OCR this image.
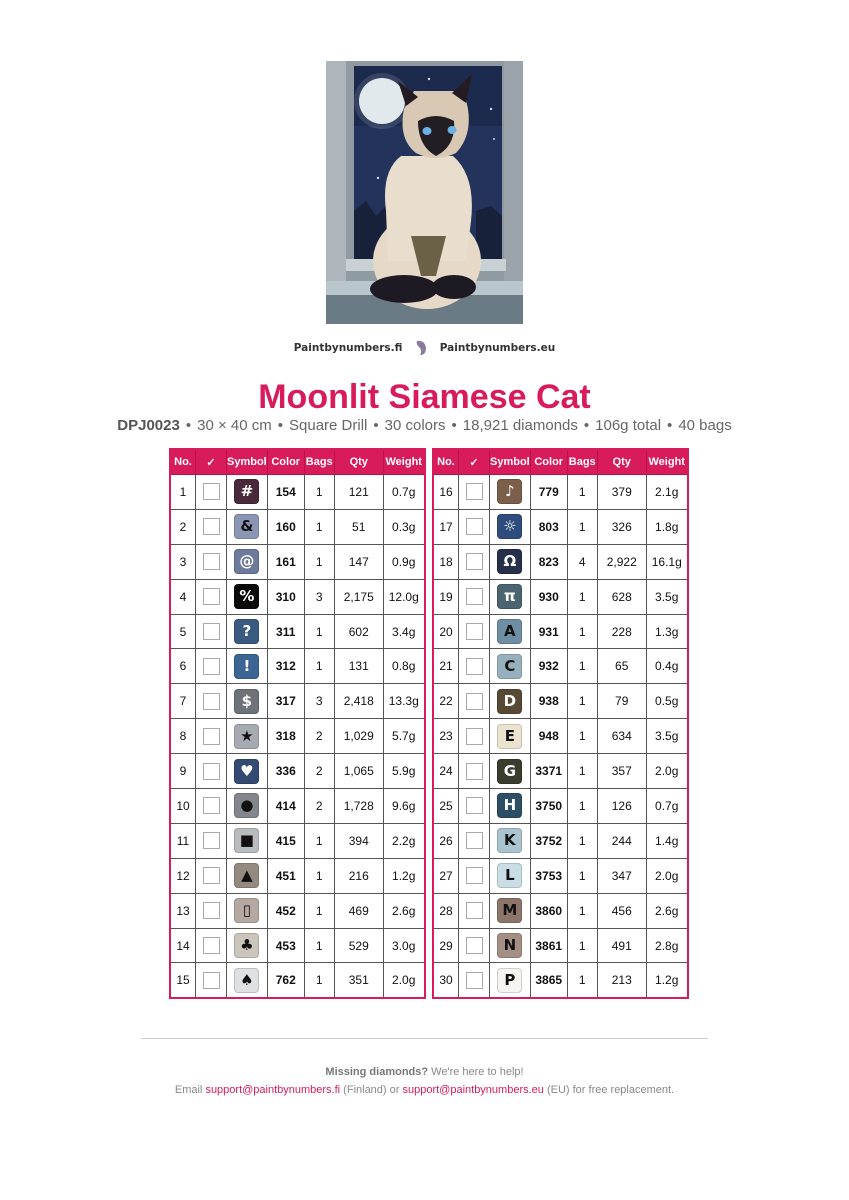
Paintbynumbers.fi	Paintbynumbers.eu
Moonlit Siamese Cat
DPJ0023 • 30 × 40 cm • Square Drill • 30 colors • 18,921 diamonds • 106g total • 40 bags
No.	✓	Symbol	Color	Bags	Qty	Weight
1		#	154	1	121	0.7g
2		&	160	1	51	0.3g
3		@	161	1	147	0.9g
4		%	310	3	2,175	12.0g
5		?	311	1	602	3.4g
6		!	312	1	131	0.8g
7		$	317	3	2,418	13.3g
8		★	318	2	1,029	5.7g
9		♥	336	2	1,065	5.9g
10		●	414	2	1,728	9.6g
11		■	415	1	394	2.2g
12		▲	451	1	216	1.2g
13		▯	452	1	469	2.6g
14		♣	453	1	529	3.0g
15		♠	762	1	351	2.0g
No.	✓	Symbol	Color	Bags	Qty	Weight
16		♪	779	1	379	2.1g
17		☼	803	1	326	1.8g
18		Ω	823	4	2,922	16.1g
19		π	930	1	628	3.5g
20		A	931	1	228	1.3g
21		C	932	1	65	0.4g
22		D	938	1	79	0.5g
23		E	948	1	634	3.5g
24		G	3371	1	357	2.0g
25		H	3750	1	126	0.7g
26		K	3752	1	244	1.4g
27		L	3753	1	347	2.0g
28		M	3860	1	456	2.6g
29		N	3861	1	491	2.8g
30		P	3865	1	213	1.2g
Missing diamonds? We're here to help!
Email support@paintbynumbers.fi (Finland) or support@paintbynumbers.eu (EU) for free replacement.
